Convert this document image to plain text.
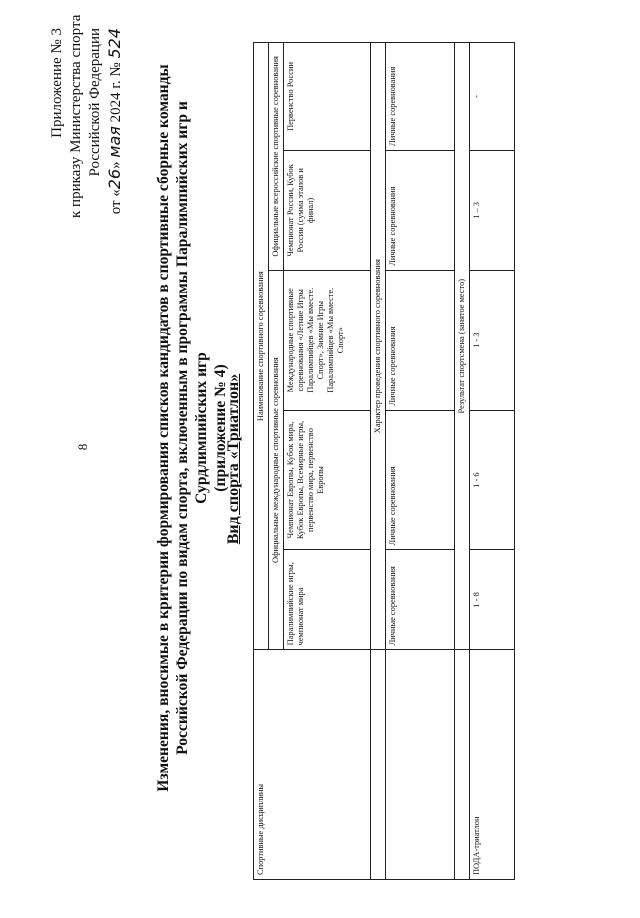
8
Приложение № 3 к приказу Министерства спорта Российской Федерации
от «26» мая 2024 г. № 524
Изменения, вносимые в критерии формирования списков кандидатов в спортивные сборные команды Российской Федерации по видам спорта, включенным в программы Паралимпийских игр и Сурдлимпийских игр (приложение № 4)
Вид спорта «Триатлон»
Спортивные дисциплины	Наименование спортивного соревнования				
	Официальные международные спортивные соревнования			Официальные всероссийские спортивные соревнования	
	Паралимпийские игры, чемпионат мира	Чемпионат Европы, Кубок мира, Кубок Европы, Всемирные игры, первенство мира, первенство Европы	Международные спортивные соревнования «Летние Игры Паралимпийцев «Мы вместе. Спорт», Зимние Игры Паралимпийцев «Мы вместе. Спорт»	Чемпионат России, Кубок России (сумма этапов и финал)	Первенство России
	Характер проведения спортивного соревнования				
	Личные соревнования	Личные соревнования	Личные соревнования	Личные соревнования	Личные соревнования
	Результат спортсмена (занятое место)				
ПОДА-триатлон	1 - 8	1 - 6	1 - 3	1 – 3	-
